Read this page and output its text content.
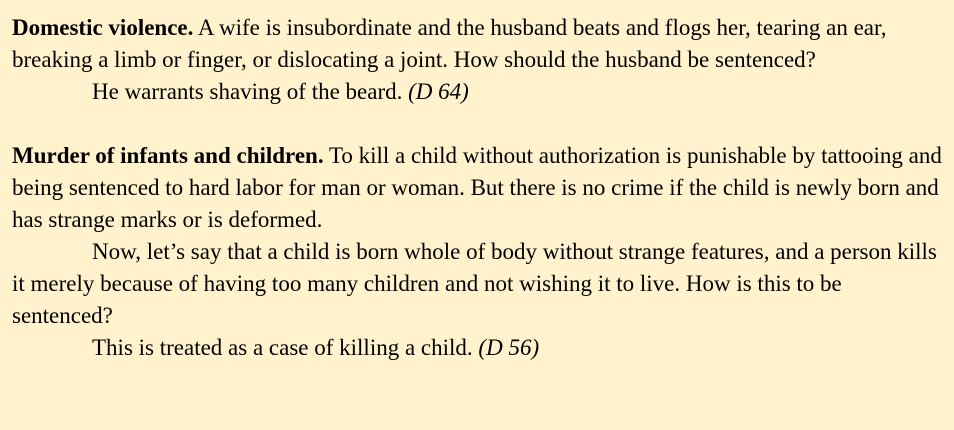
Domestic violence. A wife is insubordinate and the husband beats and flogs her, tearing an ear, breaking a limb or finger, or dislocating a joint. How should the husband be sentenced?

He warrants shaving of the beard. (D 64)

Murder of infants and children. To kill a child without authorization is punishable by tattooing and being sentenced to hard labor for man or woman. But there is no crime if the child is newly born and has strange marks or is deformed.

Now, let’s say that a child is born whole of body without strange features, and a person kills it merely because of having too many children and not wishing it to live. How is this to be sentenced?

This is treated as a case of killing a child. (D 56)
